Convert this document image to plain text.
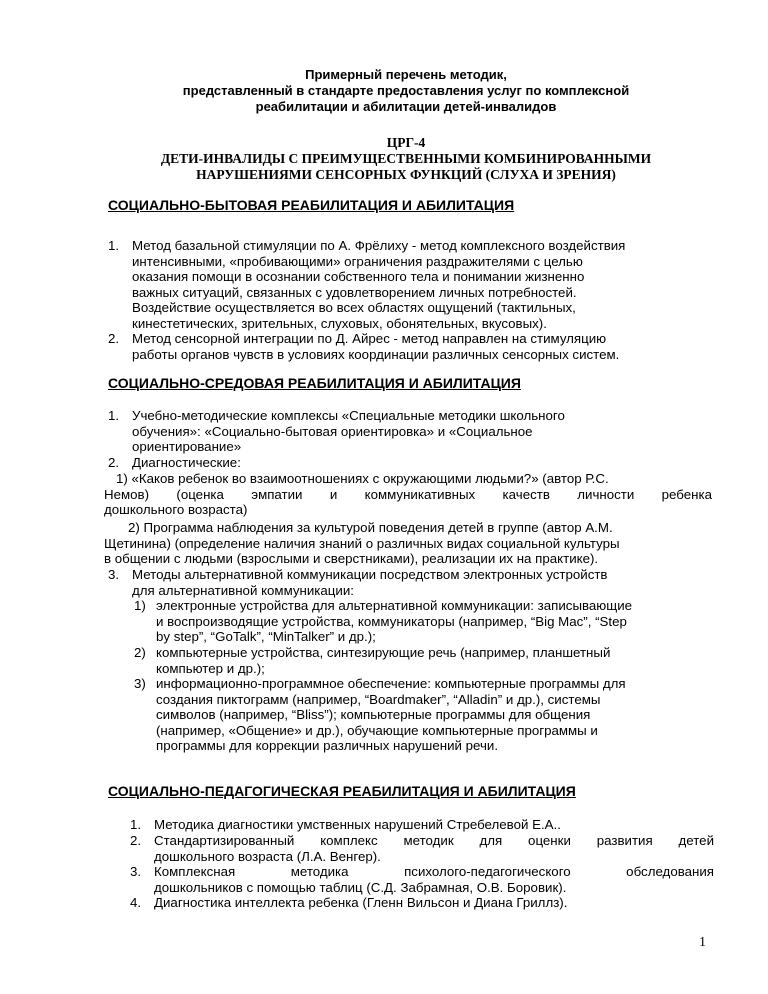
Примерный перечень методик,
представленный в стандарте предоставления услуг по комплексной
реабилитации и абилитации детей-инвалидов
ЦРГ-4
ДЕТИ-ИНВАЛИДЫ С ПРЕИМУЩЕСТВЕННЫМИ КОМБИНИРОВАННЫМИ
НАРУШЕНИЯМИ СЕНСОРНЫХ ФУНКЦИЙ (СЛУХА И ЗРЕНИЯ)
СОЦИАЛЬНО-БЫТОВАЯ РЕАБИЛИТАЦИЯ И АБИЛИТАЦИЯ
1. Метод базальной стимуляции по А. Фрёлиху - метод комплексного воздействия
интенсивными, «пробивающими» ограничения раздражителями с целью
оказания помощи в осознании собственного тела и понимании жизненно
важных ситуаций, связанных с удовлетворением личных потребностей.
Воздействие осуществляется во всех областях ощущений (тактильных,
кинестетических, зрительных, слуховых, обонятельных, вкусовых).
2. Метод сенсорной интеграции по Д. Айрес - метод направлен на стимуляцию
работы органов чувств в условиях координации различных сенсорных систем.
СОЦИАЛЬНО-СРЕДОВАЯ РЕАБИЛИТАЦИЯ И АБИЛИТАЦИЯ
1. Учебно-методические комплексы «Специальные методики школьного
обучения»: «Социально-бытовая ориентировка» и «Социальное
ориентирование»
2. Диагностические:
1) «Каков ребенок во взаимоотношениях с окружающими людьми?» (автор Р.С.
Немов) (оценка эмпатии и коммуникативных качеств личности ребенка
дошкольного возраста)
2) Программа наблюдения за культурой поведения детей в группе (автор А.М.
Щетинина) (определение наличия знаний о различных видах социальной культуры
в общении с людьми (взрослыми и сверстниками), реализации их на практике).
3. Методы альтернативной коммуникации посредством электронных устройств
для альтернативной коммуникации:
1) электронные устройства для альтернативной коммуникации: записывающие
и воспроизводящие устройства, коммуникаторы (например, “Big Mac”, “Step
by step”, “GoTalk”, “MinTalker” и др.);
2) компьютерные устройства, синтезирующие речь (например, планшетный
компьютер и др.);
3) информационно-программное обеспечение: компьютерные программы для
создания пиктограмм (например, “Boardmaker”, “Alladin” и др.), системы
символов (например, “Bliss”); компьютерные программы для общения
(например, «Общение» и др.), обучающие компьютерные программы и
программы для коррекции различных нарушений речи.
СОЦИАЛЬНО-ПЕДАГОГИЧЕСКАЯ РЕАБИЛИТАЦИЯ И АБИЛИТАЦИЯ
1. Методика диагностики умственных нарушений Стребелевой Е.А..
2. Стандартизированный комплекс методик для оценки развития детей
дошкольного возраста (Л.А. Венгер).
3. Комплексная методика психолого-педагогического обследования
дошкольников с помощью таблиц (С.Д. Забрамная, О.В. Боровик).
4. Диагностика интеллекта ребенка (Гленн Вильсон и Диана Гриллз).
1
